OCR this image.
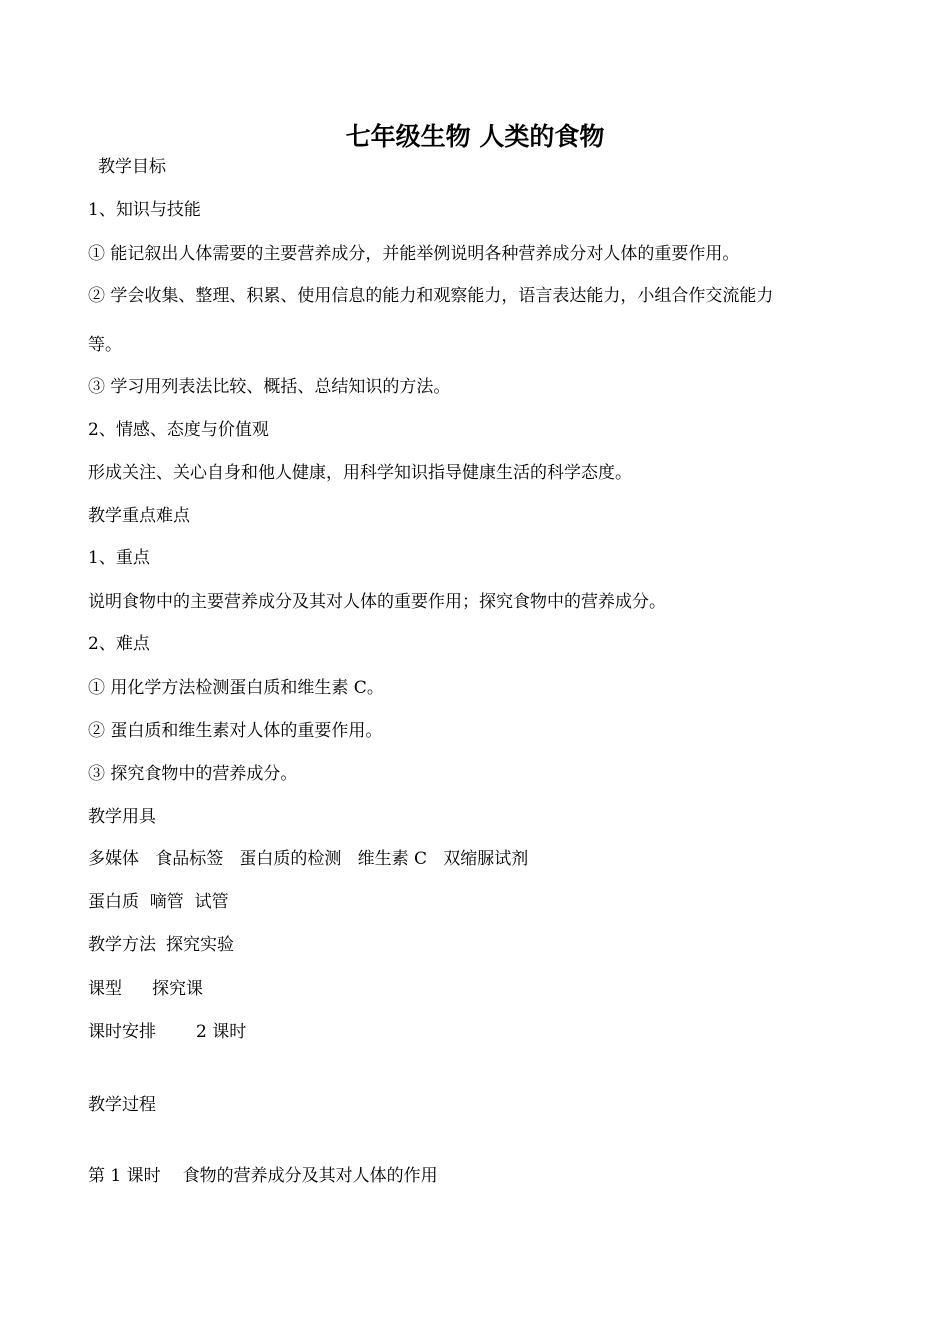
七年级生物 人类的食物
教学目标
1、知识与技能
① 能记叙出人体需要的主要营养成分，并能举例说明各种营养成分对人体的重要作用。
② 学会收集、整理、积累、使用信息的能力和观察能力，语言表达能力，小组合作交流能力
等。
③ 学习用列表法比较、概括、总结知识的方法。
2、情感、态度与价值观
形成关注、关心自身和他人健康，用科学知识指导健康生活的科学态度。
教学重点难点
1、重点
说明食物中的主要营养成分及其对人体的重要作用；探究食物中的营养成分。
2、难点
① 用化学方法检测蛋白质和维生素 C。
② 蛋白质和维生素对人体的重要作用。
③ 探究食物中的营养成分。
教学用具
多媒体   食品标签   蛋白质的检测   维生素 C   双缩脲试剂
蛋白质  嘀管  试管
教学方法 探究实验
课型 探究课
课时安排 2 课时
教学过程
第 1 课时 食物的营养成分及其对人体的作用
